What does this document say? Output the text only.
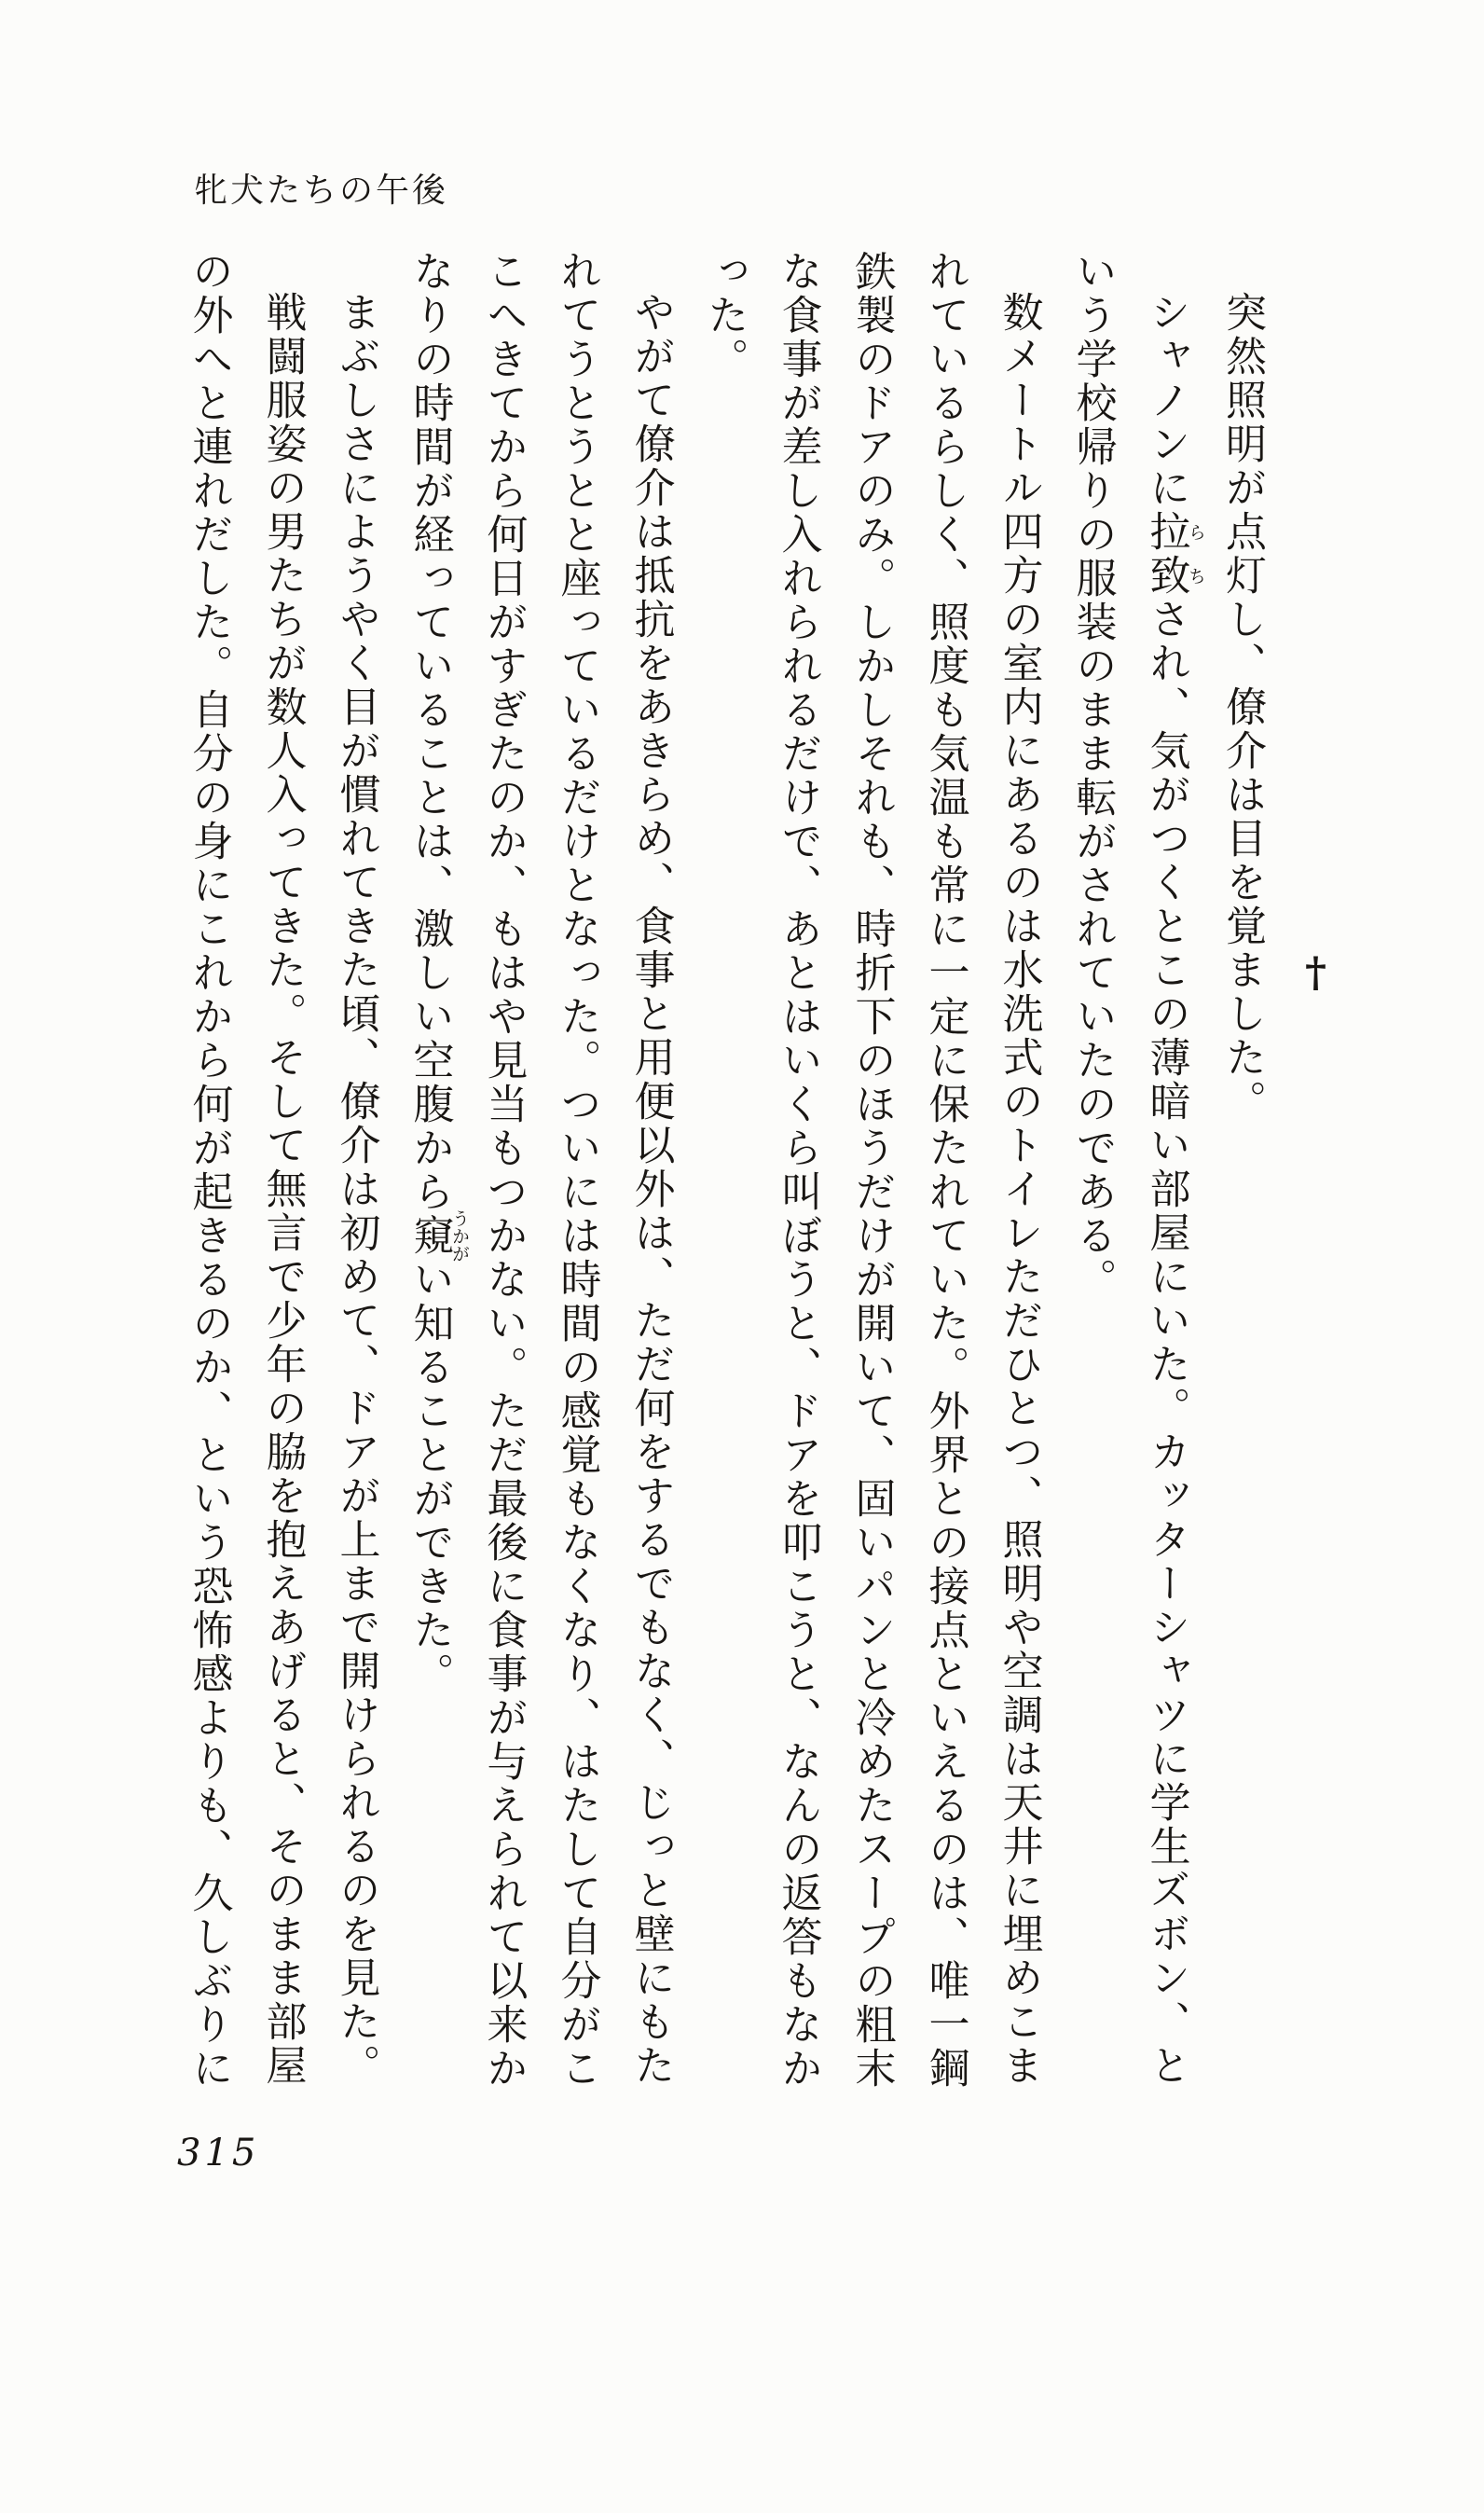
牝犬たちの午後

†

突然照明が点灯し、僚介は目を覚ました。

シャノンに拉致らちされ、気がつくとこの薄暗い部屋にいた。カッターシャツに学生ズボン、という学校帰りの服装のまま転がされていたのである。

数メートル四方の室内にあるのは水洗式のトイレただひとつ、照明や空調は天井に埋めこまれているらしく、照度も気温も常に一定に保たれていた。外界との接点といえるのは、唯一鋼鉄製のドアのみ。しかしそれも、時折下のほうだけが開いて、固いパンと冷めたスープの粗末な食事が差し入れられるだけで、あとはいくら叫ぼうと、ドアを叩こうと、なんの返答もなかった。

やがて僚介は抵抗をあきらめ、食事と用便以外は、ただ何をするでもなく、じっと壁にもたれてうとうとと座っているだけとなった。ついには時間の感覚もなくなり、はたして自分がここへきてから何日がすぎたのか、もはや見当もつかない。ただ最後に食事が与えられて以来かなりの時間が経っていることは、激しい空腹から窺うかがい知ることができた。

まぶしさにようやく目が慣れてきた頃、僚介は初めて、ドアが上まで開けられるのを見た。

戦闘服姿の男たちが数人入ってきた。そして無言で少年の脇を抱えあげると、そのまま部屋の外へと連れだした。自分の身にこれから何が起きるのか、という恐怖感よりも、久しぶりに

315
